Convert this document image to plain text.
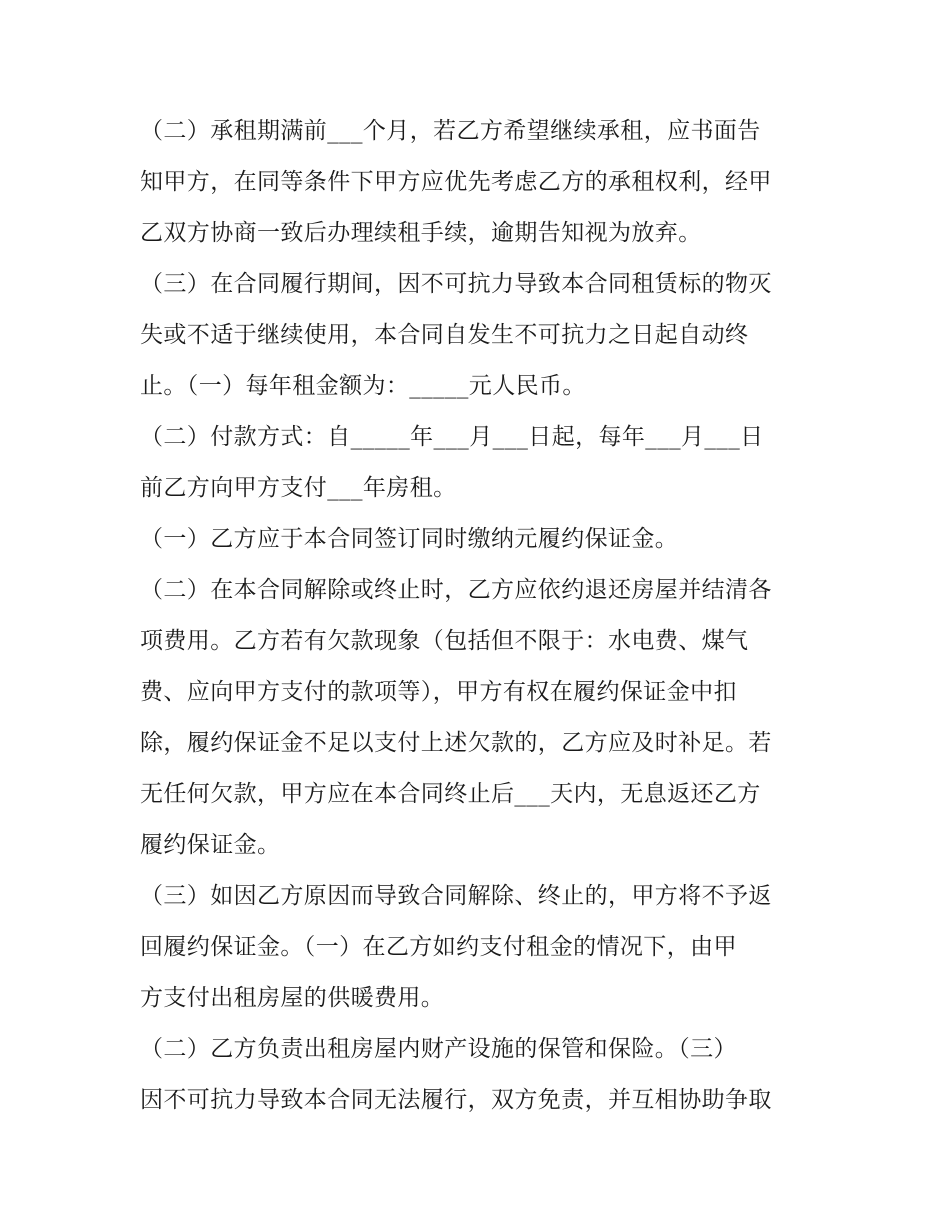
（二）承租期满前___个月，若乙方希望继续承租，应书面告
知甲方，在同等条件下甲方应优先考虑乙方的承租权利，经甲
乙双方协商一致后办理续租手续，逾期告知视为放弃。
（三）在合同履行期间，因不可抗力导致本合同租赁标的物灭
失或不适于继续使用，本合同自发生不可抗力之日起自动终
止。（一）每年租金额为：_____元人民币。
（二）付款方式：自_____年___月___日起，每年___月___日
前乙方向甲方支付___年房租。
（一）乙方应于本合同签订同时缴纳元履约保证金。
（二）在本合同解除或终止时，乙方应依约退还房屋并结清各
项费用。乙方若有欠款现象（包括但不限于：水电费、煤气
费、应向甲方支付的款项等），甲方有权在履约保证金中扣
除，履约保证金不足以支付上述欠款的，乙方应及时补足。若
无任何欠款，甲方应在本合同终止后___天内，无息返还乙方
履约保证金。
（三）如因乙方原因而导致合同解除、终止的，甲方将不予返
回履约保证金。（一）在乙方如约支付租金的情况下，由甲
方支付出租房屋的供暖费用。
（二）乙方负责出租房屋内财产设施的保管和保险。（三）
因不可抗力导致本合同无法履行，双方免责，并互相协助争取
